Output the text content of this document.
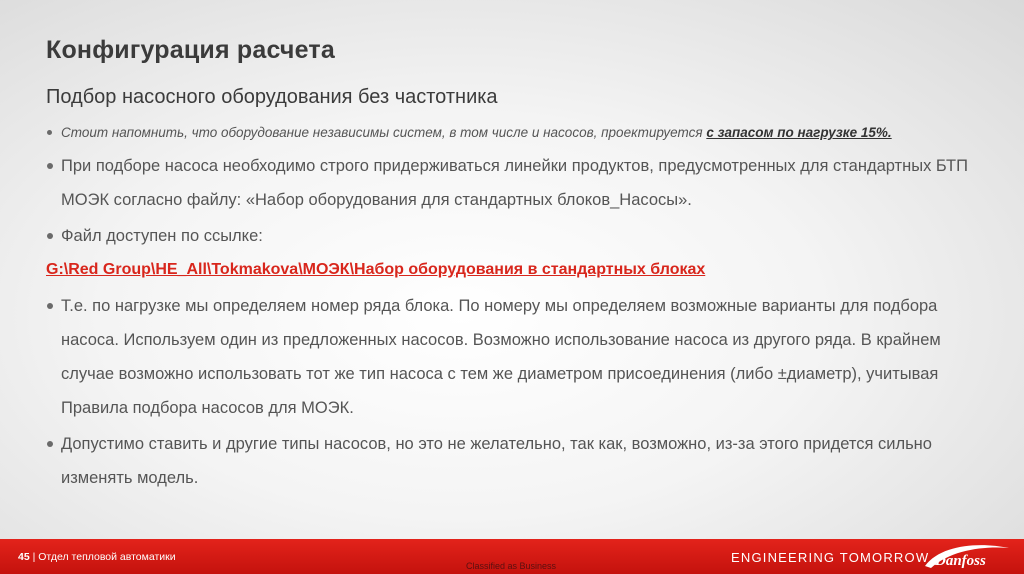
Конфигурация расчета
Подбор насосного оборудования без частотника
Стоит напомнить, что оборудование независимы систем, в том числе и насосов, проектируется с запасом по нагрузке 15%.
При подборе насоса необходимо строго придерживаться линейки продуктов, предусмотренных для стандартных БТП МОЭК согласно файлу: «Набор оборудования для стандартных блоков_Насосы».
Файл доступен по ссылке:
G:\Red Group\HE_All\Tokmakova\МОЭК\Набор оборудования в стандартных блоках
Т.е. по нагрузке мы определяем номер ряда блока. По номеру мы определяем возможные варианты для подбора насоса. Используем один из предложенных насосов. Возможно использование насоса из другого ряда. В крайнем случае возможно использовать тот же тип насоса с тем же диаметром присоединения (либо ±диаметр), учитывая Правила подбора насосов для МОЭК.
Допустимо ставить и другие типы насосов, но это не желательно, так как, возможно, из-за этого придется сильно изменять модель.
45 | Отдел тепловой автоматики
Classified as Business
ENGINEERING TOMORROW Danfoss
